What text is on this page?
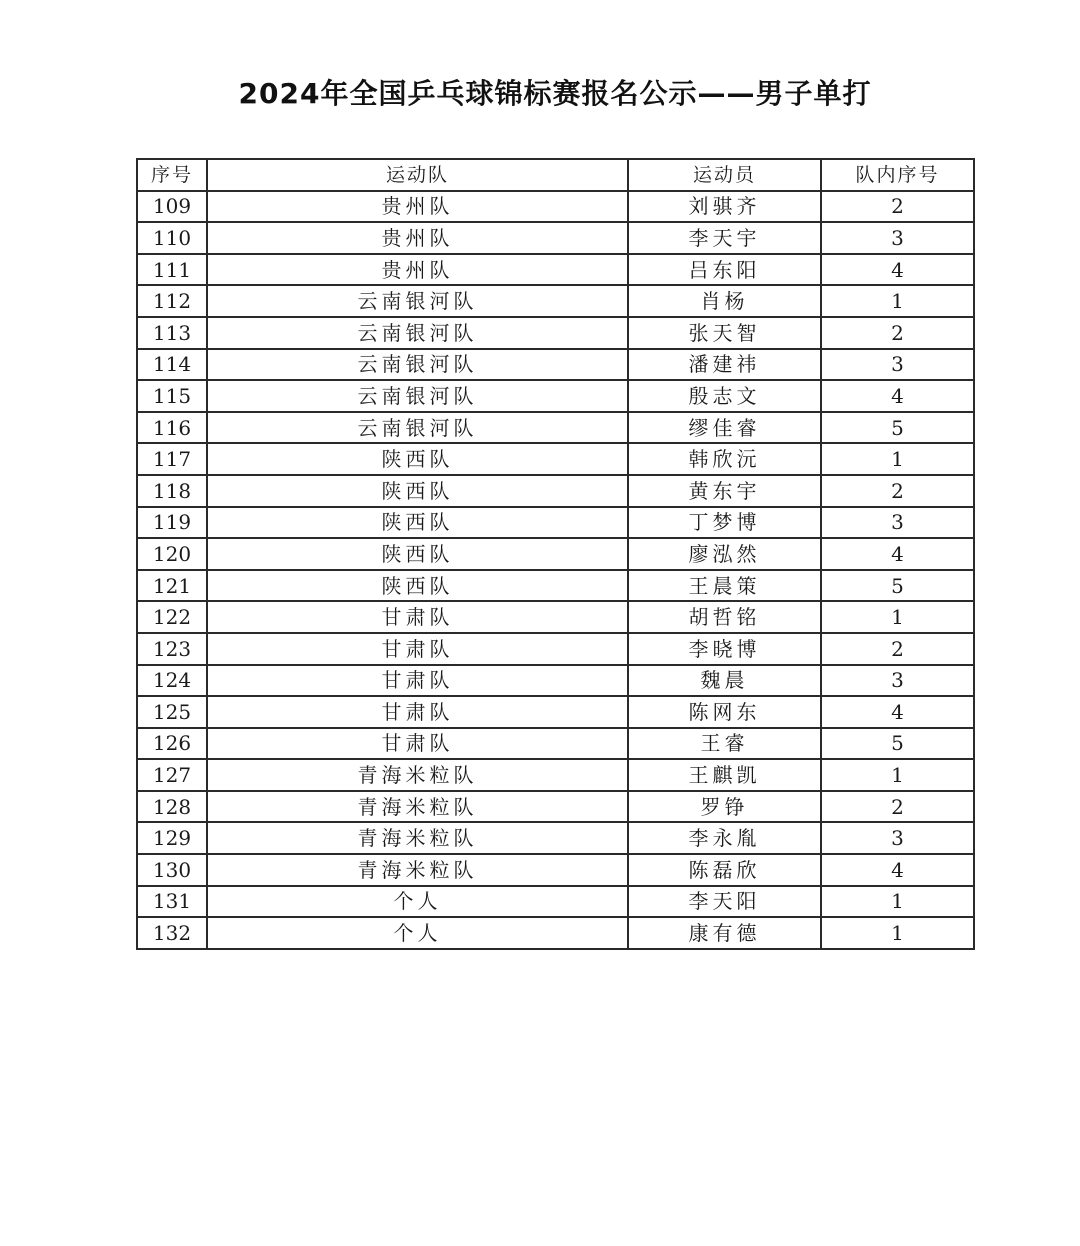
2024年全国乒乓球锦标赛报名公示——男子单打
序号	运动队	运动员	队内序号
109	贵州队	刘骐齐	2
110	贵州队	李天宇	3
111	贵州队	吕东阳	4
112	云南银河队	肖杨	1
113	云南银河队	张天智	2
114	云南银河队	潘建祎	3
115	云南银河队	殷志文	4
116	云南银河队	缪佳睿	5
117	陕西队	韩欣沅	1
118	陕西队	黄东宇	2
119	陕西队	丁梦博	3
120	陕西队	廖泓然	4
121	陕西队	王晨策	5
122	甘肃队	胡哲铭	1
123	甘肃队	李晓博	2
124	甘肃队	魏晨	3
125	甘肃队	陈网东	4
126	甘肃队	王睿	5
127	青海米粒队	王麒凯	1
128	青海米粒队	罗铮	2
129	青海米粒队	李永胤	3
130	青海米粒队	陈磊欣	4
131	个人	李天阳	1
132	个人	康有德	1
